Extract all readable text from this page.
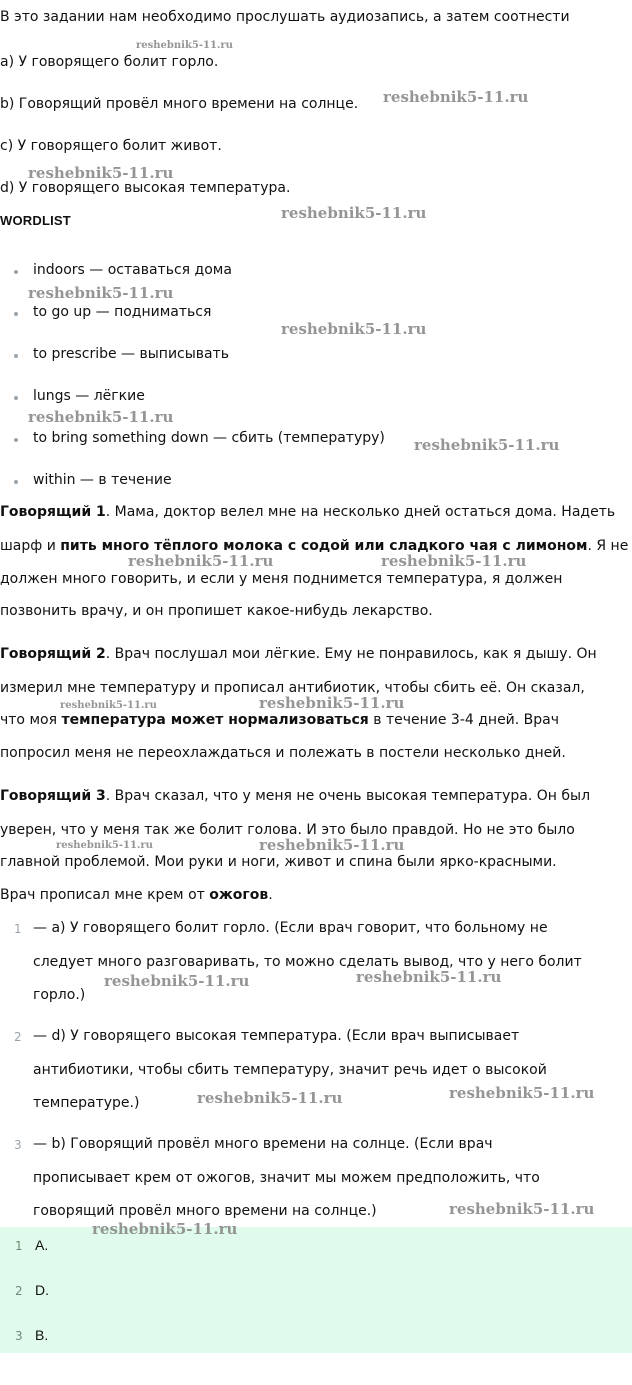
В это задании нам необходимо прослушать аудиозапись, а затем соотнести
a) У говорящего болит горло.
b) Говорящий провёл много времени на солнце.
c) У говорящего болит живот.
d) У говорящего высокая температура.
WORDLIST
indoors — оставаться дома
to go up — подниматься
to prescribe — выписывать
lungs — лёгкие
to bring something down — сбить (температуру)
within — в течение
Говорящий 1. Мама, доктор велел мне на несколько дней остаться дома. Надеть
шарф и пить много тёплого молока с содой или сладкого чая с лимоном. Я не
должен много говорить, и если у меня поднимется температура, я должен
позвонить врачу, и он пропишет какое-нибудь лекарство.
Говорящий 2. Врач послушал мои лёгкие. Ему не понравилось, как я дышу. Он
измерил мне температуру и прописал антибиотик, чтобы сбить её. Он сказал,
что моя температура может нормализоваться в течение 3-4 дней. Врач
попросил меня не переохлаждаться и полежать в постели несколько дней.
Говорящий 3. Врач сказал, что у меня не очень высокая температура. Он был
уверен, что у меня так же болит голова. И это было правдой. Но не это было
главной проблемой. Мои руки и ноги, живот и спина были ярко-красными.
Врач прописал мне крем от ожогов.
1 — a) У говорящего болит горло. (Если врач говорит, что больному не
следует много разговаривать, то можно сделать вывод, что у него болит
горло.)
2 — d) У говорящего высокая температура. (Если врач выписывает
антибиотики, чтобы сбить температуру, значит речь идет о высокой
температуре.)
3 — b) Говорящий провёл много времени на солнце. (Если врач
прописывает крем от ожогов, значит мы можем предположить, что
говорящий провёл много времени на солнце.)
1 A.
2 D.
3 B.
reshebnik5-11.ru
reshebnik5-11.ru
reshebnik5-11.ru
reshebnik5-11.ru
reshebnik5-11.ru
reshebnik5-11.ru
reshebnik5-11.ru
reshebnik5-11.ru
reshebnik5-11.ru	reshebnik5-11.ru
reshebnik5-11.ru	reshebnik5-11.ru
reshebnik5-11.ru	reshebnik5-11.ru
reshebnik5-11.ru	reshebnik5-11.ru
reshebnik5-11.ru	reshebnik5-11.ru
reshebnik5-11.ru
reshebnik5-11.ru
